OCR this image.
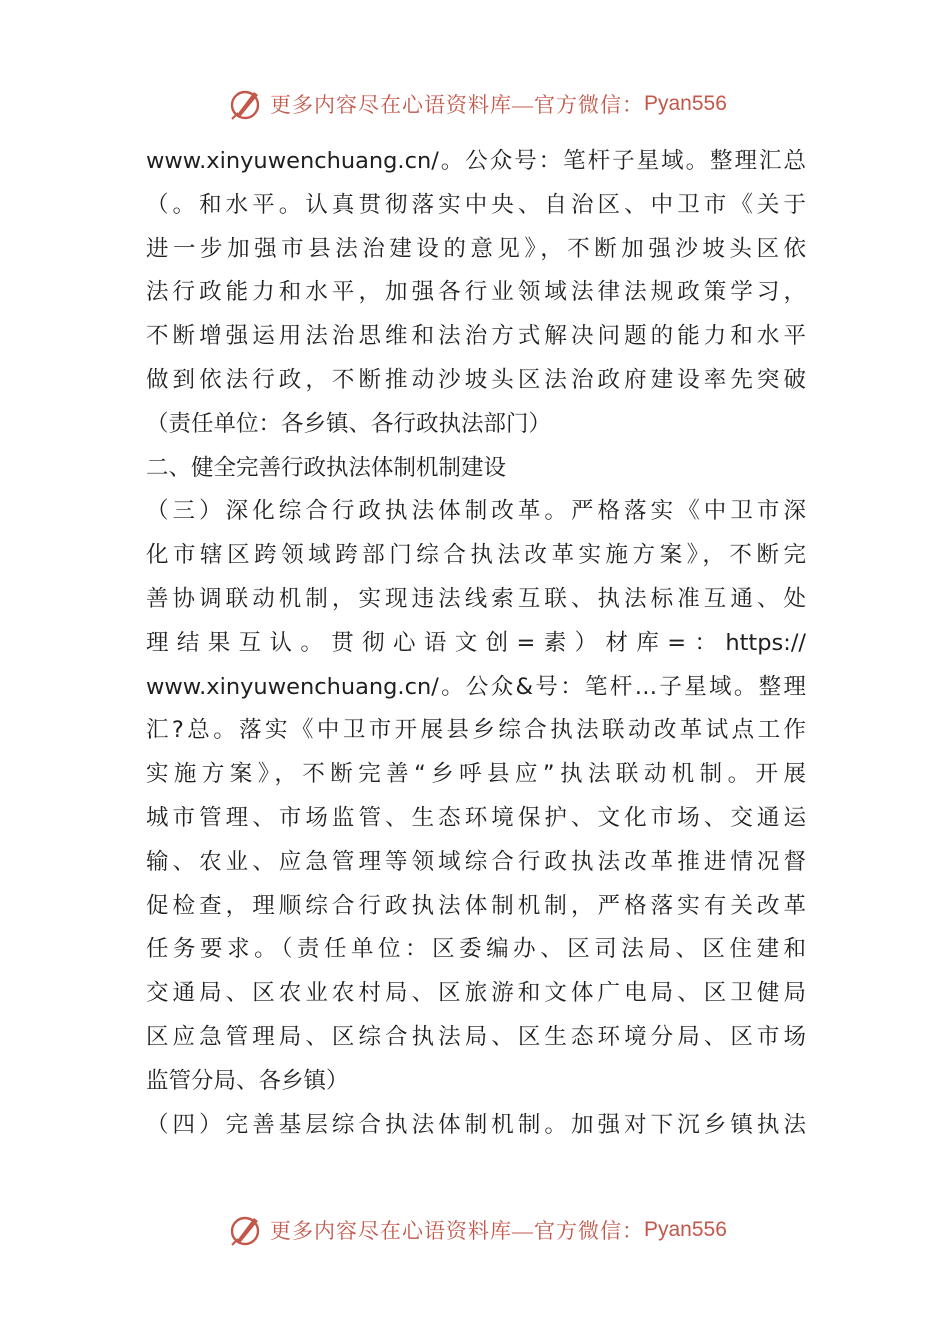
更多内容尽在心语资料库—官方微信： Pyan556
www.xinyuwenchuang.cn/。公众号：笔杆子星域。整理汇总
（。和水平。认真贯彻落实中央、自治区、中卫市《关于
进一步加强市县法治建设的意见》，不断加强沙坡头区依
法行政能力和水平，加强各行业领域法律法规政策学习，
不断增强运用法治思维和法治方式解决问题的能力和水平
做到依法行政，不断推动沙坡头区法治政府建设率先突破
（责任单位：各乡镇、各行政执法部门）
二、健全完善行政执法体制机制建设
（三）深化综合行政执法体制改革。严格落实《中卫市深
化市辖区跨领域跨部门综合执法改革实施方案》，不断完
善协调联动机制，实现违法线索互联、执法标准互通、处
理结果互认。贯彻心语文创=素）材库=：https://
www.xinyuwenchuang.cn/。公众&号：笔杆…子星域。整理
汇?总。落实《中卫市开展县乡综合执法联动改革试点工作
实施方案》，不断完善“乡呼县应”执法联动机制。开展
城市管理、市场监管、生态环境保护、文化市场、交通运
输、农业、应急管理等领域综合行政执法改革推进情况督
促检查，理顺综合行政执法体制机制，严格落实有关改革
任务要求。（责任单位：区委编办、区司法局、区住建和
交通局、区农业农村局、区旅游和文体广电局、区卫健局
区应急管理局、区综合执法局、区生态环境分局、区市场
监管分局、各乡镇）
（四）完善基层综合执法体制机制。加强对下沉乡镇执法
更多内容尽在心语资料库—官方微信： Pyan556
